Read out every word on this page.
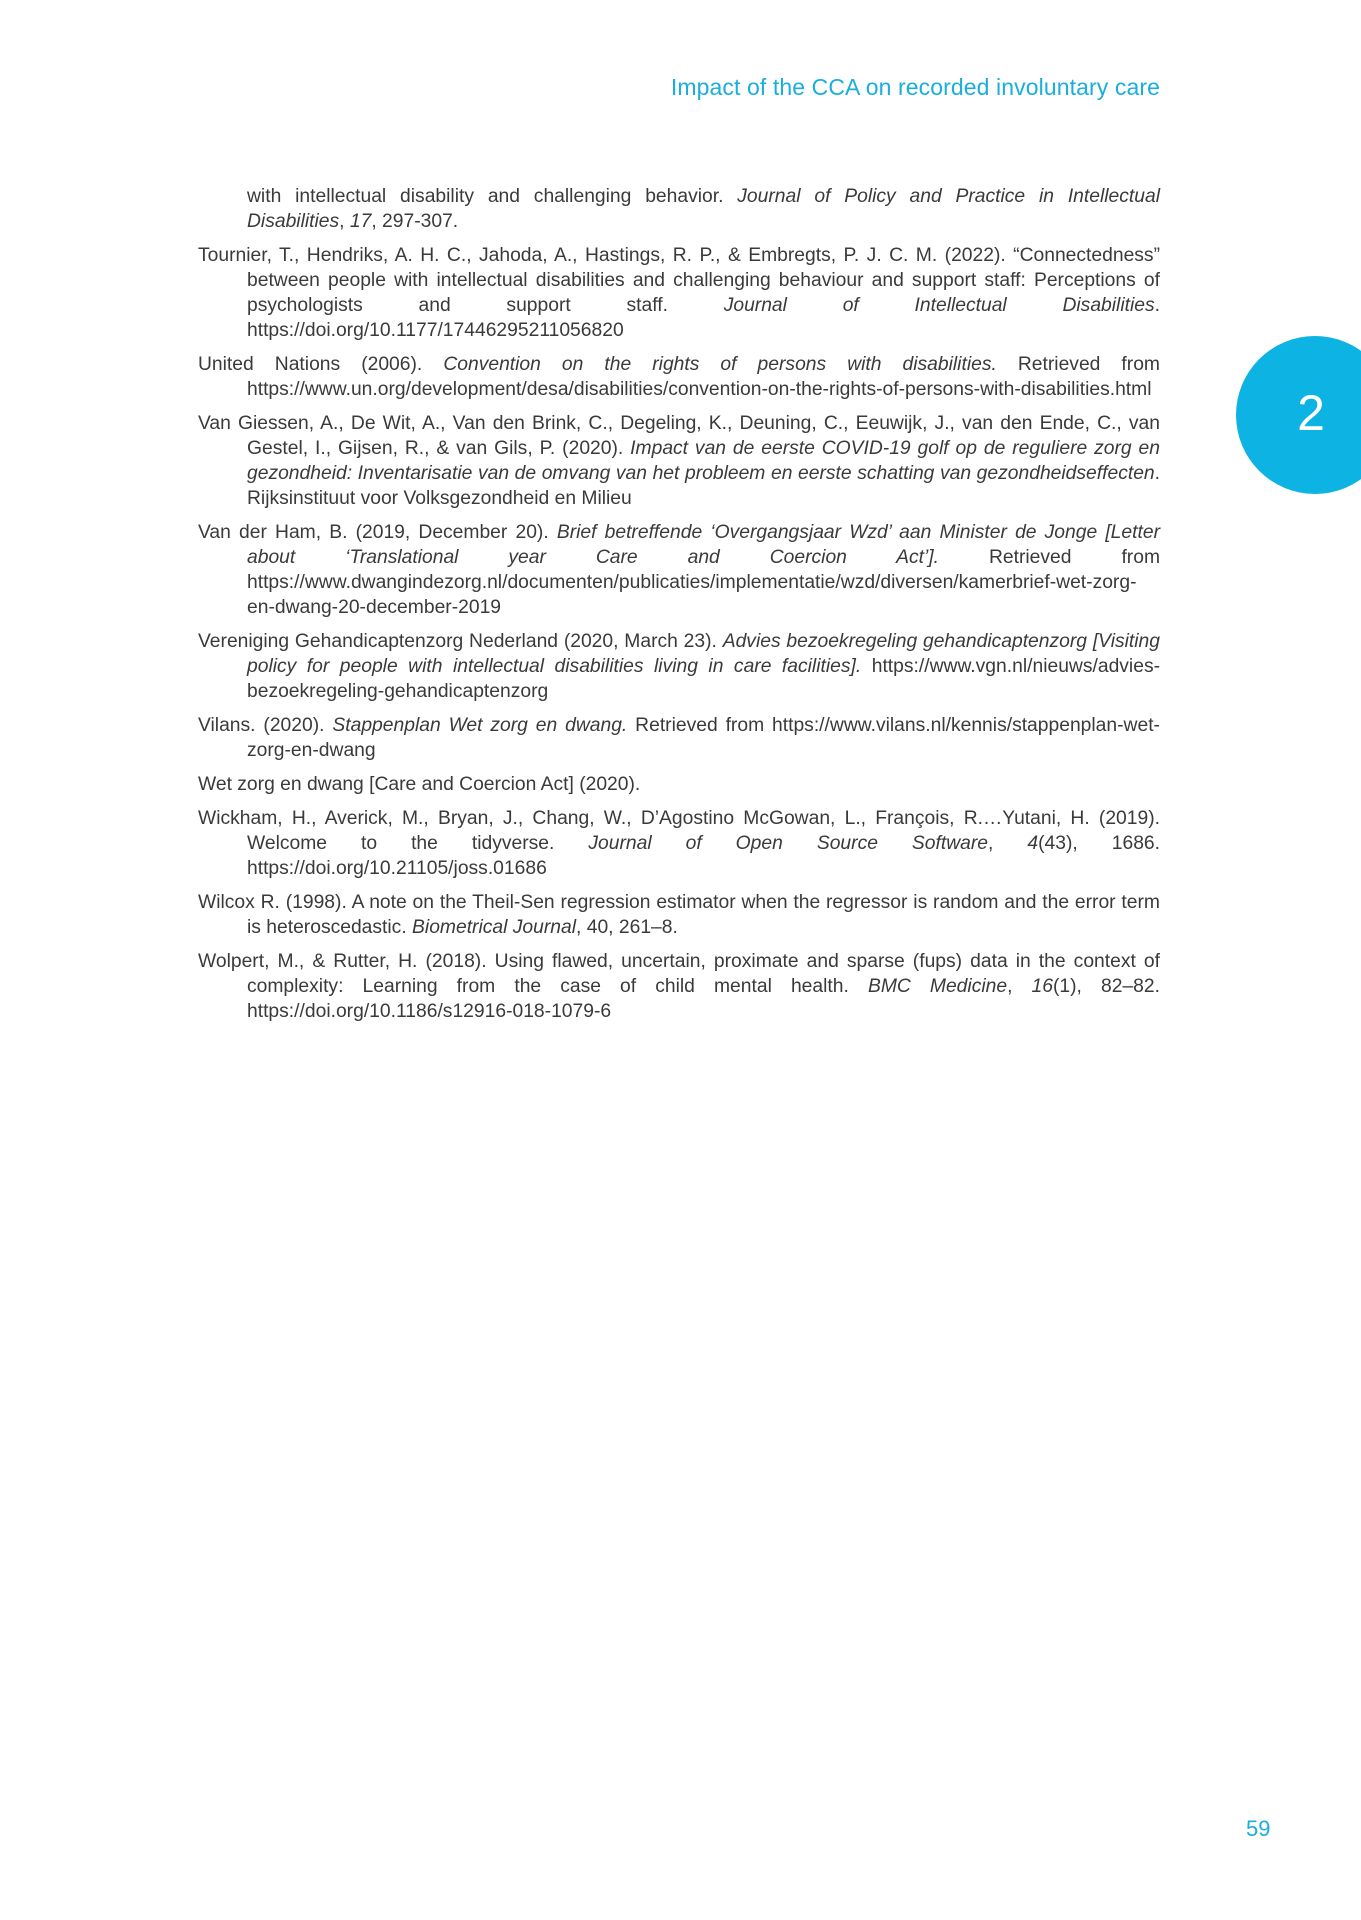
Impact of the CCA on recorded involuntary care
2

with intellectual disability and challenging behavior. Journal of Policy and Practice in Intellectual Disabilities, 17, 297-307.

Tournier, T., Hendriks, A. H. C., Jahoda, A., Hastings, R. P., & Embregts, P. J. C. M. (2022). “Connectedness” between people with intellectual disabilities and challenging behaviour and support staff: Perceptions of psychologists and support staff. Journal of Intellectual Disabilities. https://doi.org/10.1177/17446295211056820

United Nations (2006). Convention on the rights of persons with disabilities. Retrieved from https://www.un.org/development/desa/disabilities/convention-on-the-rights-of-persons-with-disabilities.html

Van Giessen, A., De Wit, A., Van den Brink, C., Degeling, K., Deuning, C., Eeuwijk, J., van den Ende, C., van Gestel, I., Gijsen, R., & van Gils, P. (2020). Impact van de eerste COVID-19 golf op de reguliere zorg en gezondheid: Inventarisatie van de omvang van het probleem en eerste schatting van gezondheidseffecten. Rijksinstituut voor Volksgezondheid en Milieu

Van der Ham, B. (2019, December 20). Brief betreffende ‘Overgangsjaar Wzd’ aan Minister de Jonge [Letter about ‘Translational year Care and Coercion Act’]. Retrieved from https://www.dwangindezorg.nl/documenten/publicaties/implementatie/wzd/diversen/kamerbrief-wet-zorg-en-dwang-20-december-2019

Vereniging Gehandicaptenzorg Nederland (2020, March 23). Advies bezoekregeling gehandicaptenzorg [Visiting policy for people with intellectual disabilities living in care facilities]. https://www.vgn.nl/nieuws/advies-bezoekregeling-gehandicaptenzorg

Vilans. (2020). Stappenplan Wet zorg en dwang. Retrieved from https://www.vilans.nl/kennis/stappenplan-wet-zorg-en-dwang

Wet zorg en dwang [Care and Coercion Act] (2020).

Wickham, H., Averick, M., Bryan, J., Chang, W., D’Agostino McGowan, L., François, R.…Yutani, H. (2019). Welcome to the tidyverse. Journal of Open Source Software, 4(43), 1686. https://doi.org/10.21105/joss.01686

Wilcox R. (1998). A note on the Theil-Sen regression estimator when the regressor is random and the error term is heteroscedastic. Biometrical Journal, 40, 261–8.

Wolpert, M., & Rutter, H. (2018). Using flawed, uncertain, proximate and sparse (fups) data in the context of complexity: Learning from the case of child mental health. BMC Medicine, 16(1), 82–82. https://doi.org/10.1186/s12916-018-1079-6

59
